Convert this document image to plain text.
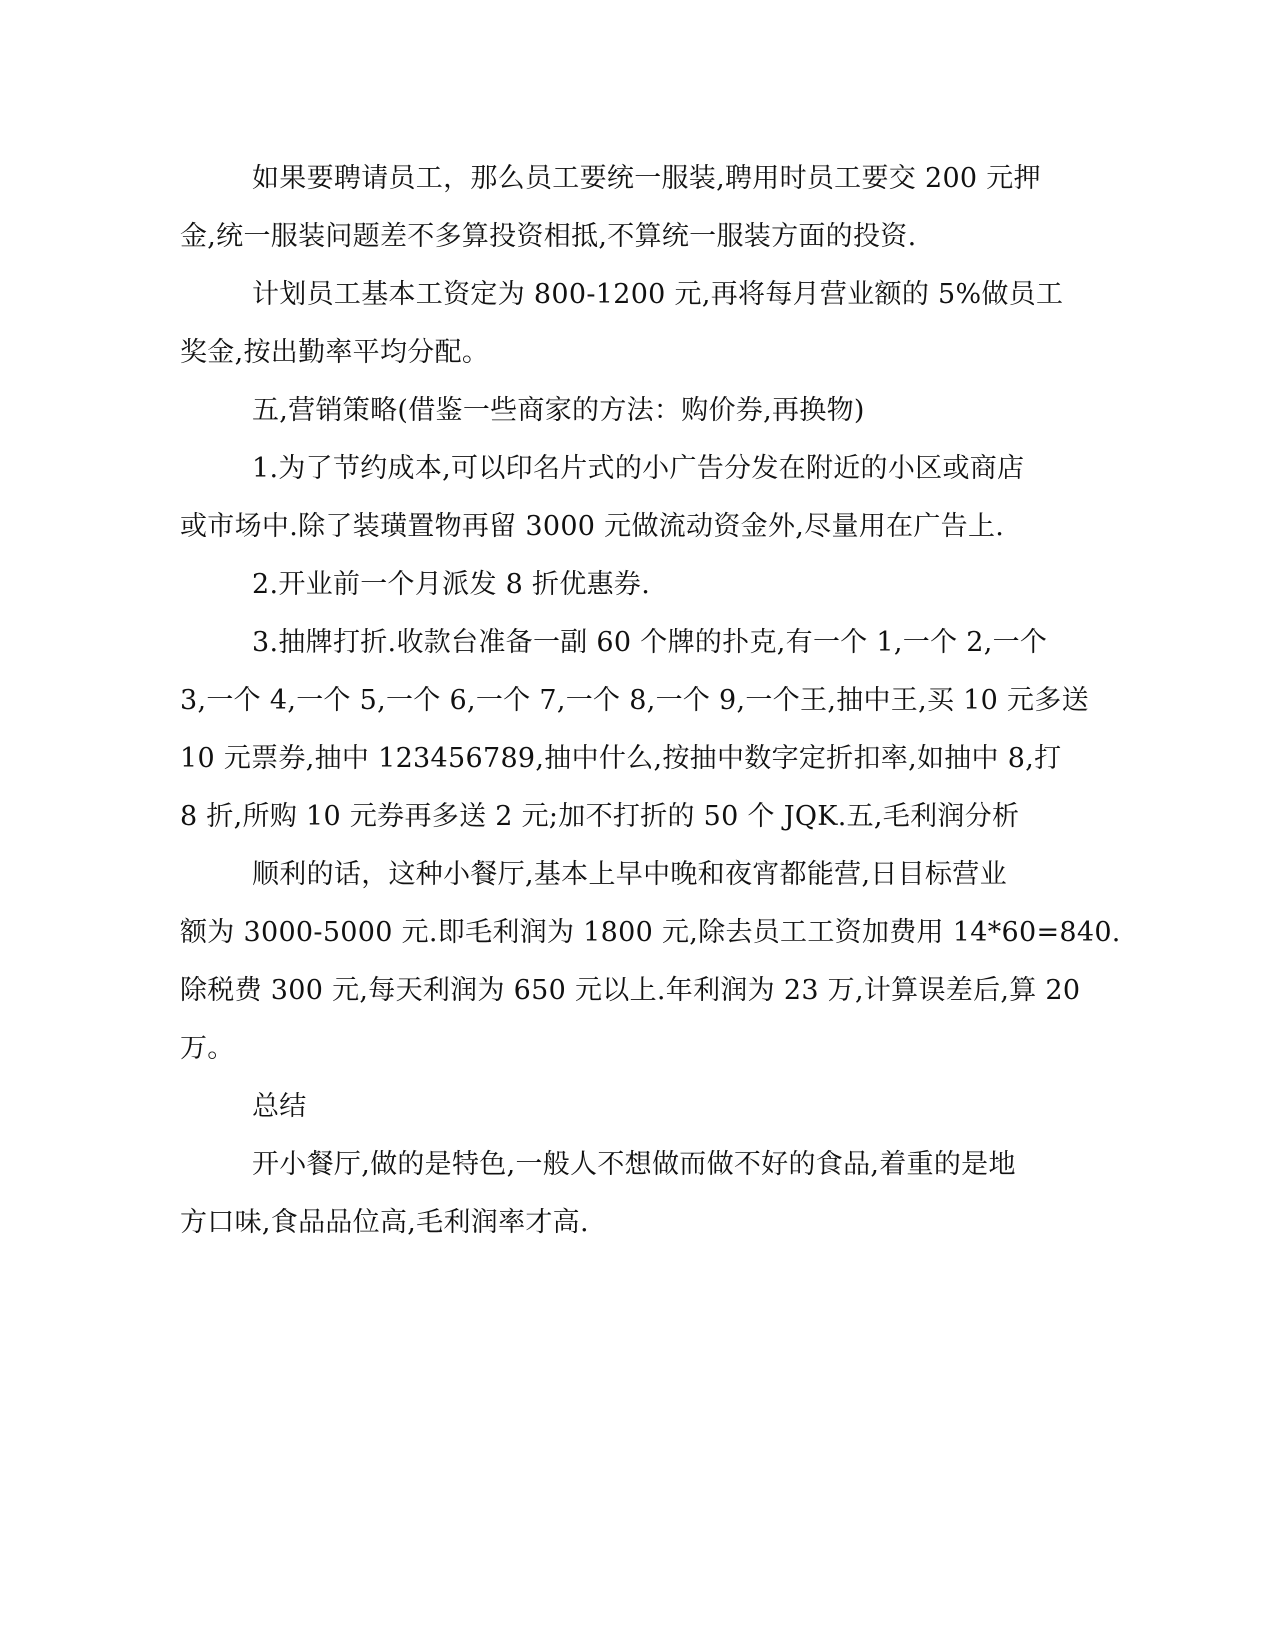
如果要聘请员工，那么员工要统一服装,聘用时员工要交 200 元押
金,统一服装问题差不多算投资相抵,不算统一服装方面的投资.
计划员工基本工资定为 800-1200 元,再将每月营业额的 5%做员工
奖金,按出勤率平均分配。
五,营销策略(借鉴一些商家的方法：购价券,再换物)
1.为了节约成本,可以印名片式的小广告分发在附近的小区或商店
或市场中.除了装璜置物再留 3000 元做流动资金外,尽量用在广告上.
2.开业前一个月派发 8 折优惠券.
3.抽牌打折.收款台准备一副 60 个牌的扑克,有一个 1,一个 2,一个
3,一个 4,一个 5,一个 6,一个 7,一个 8,一个 9,一个王,抽中王,买 10 元多送
10 元票券,抽中 123456789,抽中什么,按抽中数字定折扣率,如抽中 8,打
8 折,所购 10 元券再多送 2 元;加不打折的 50 个 JQK.五,毛利润分析
顺利的话，这种小餐厅,基本上早中晚和夜宵都能营,日目标营业
额为 3000-5000 元.即毛利润为 1800 元,除去员工工资加费用 14*60=840.
除税费 300 元,每天利润为 650 元以上.年利润为 23 万,计算误差后,算 20
万。
总结
开小餐厅,做的是特色,一般人不想做而做不好的食品,着重的是地
方口味,食品品位高,毛利润率才高.
